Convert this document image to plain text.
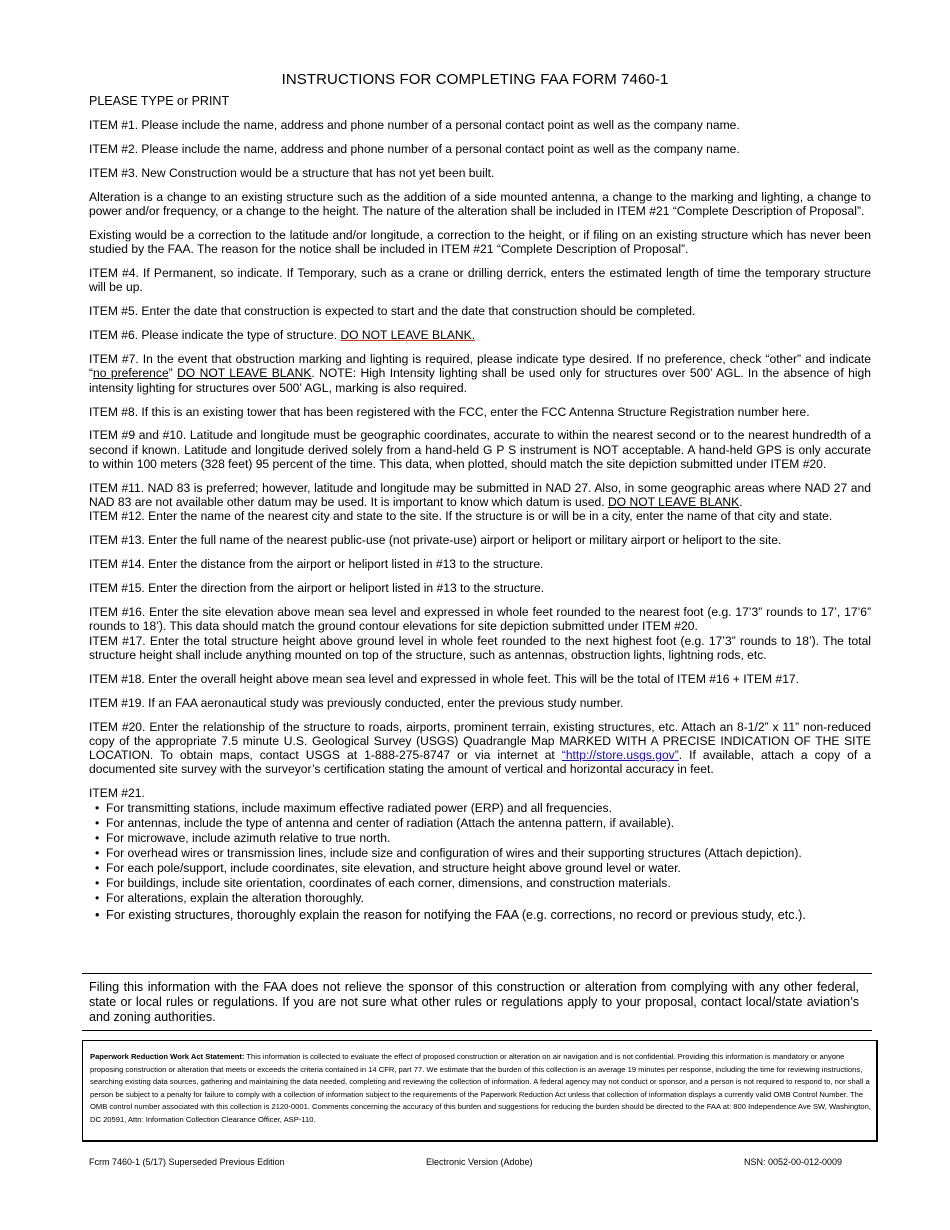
INSTRUCTIONS FOR COMPLETING FAA FORM 7460-1
PLEASE TYPE or PRINT

ITEM #1. Please include the name, address and phone number of a personal contact point as well as the company name.

ITEM #2. Please include the name, address and phone number of a personal contact point as well as the company name.

ITEM #3. New Construction would be a structure that has not yet been built.

Alteration is a change to an existing structure such as the addition of a side mounted antenna, a change to the marking and lighting, a change to power and/or frequency, or a change to the height. The nature of the alteration shall be included in ITEM #21 “Complete Description of Proposal”.

Existing would be a correction to the latitude and/or longitude, a correction to the height, or if filing on an existing structure which has never been studied by the FAA. The reason for the notice shall be included in ITEM #21 “Complete Description of Proposal”.

ITEM #4. If Permanent, so indicate. If Temporary, such as a crane or drilling derrick, enters the estimated length of time the temporary structure will be up.

ITEM #5. Enter the date that construction is expected to start and the date that construction should be completed.

ITEM #6. Please indicate the type of structure. DO NOT LEAVE BLANK.

ITEM #7. In the event that obstruction marking and lighting is required, please indicate type desired. If no preference, check “other” and indicate “no preference” DO NOT LEAVE BLANK. NOTE: High Intensity lighting shall be used only for structures over 500’ AGL. In the absence of high intensity lighting for structures over 500’ AGL, marking is also required.

ITEM #8. If this is an existing tower that has been registered with the FCC, enter the FCC Antenna Structure Registration number here.

ITEM #9 and #10. Latitude and longitude must be geographic coordinates, accurate to within the nearest second or to the nearest hundredth of a second if known. Latitude and longitude derived solely from a hand-held G P S instrument is NOT acceptable. A hand-held GPS is only accurate to within 100 meters (328 feet) 95 percent of the time. This data, when plotted, should match the site depiction submitted under ITEM #20.

ITEM #11. NAD 83 is preferred; however, latitude and longitude may be submitted in NAD 27. Also, in some geographic areas where NAD 27 and NAD 83 are not available other datum may be used. It is important to know which datum is used. DO NOT LEAVE BLANK.

ITEM #12. Enter the name of the nearest city and state to the site. If the structure is or will be in a city, enter the name of that city and state.

ITEM #13. Enter the full name of the nearest public-use (not private-use) airport or heliport or military airport or heliport to the site.

ITEM #14. Enter the distance from the airport or heliport listed in #13 to the structure.

ITEM #15. Enter the direction from the airport or heliport listed in #13 to the structure.

ITEM #16. Enter the site elevation above mean sea level and expressed in whole feet rounded to the nearest foot (e.g. 17’3” rounds to 17’, 17’6” rounds to 18’). This data should match the ground contour elevations for site depiction submitted under ITEM #20.

ITEM #17. Enter the total structure height above ground level in whole feet rounded to the next highest foot (e.g. 17’3” rounds to 18’). The total structure height shall include anything mounted on top of the structure, such as antennas, obstruction lights, lightning rods, etc.

ITEM #18. Enter the overall height above mean sea level and expressed in whole feet. This will be the total of ITEM #16 + ITEM #17.

ITEM #19. If an FAA aeronautical study was previously conducted, enter the previous study number.

ITEM #20. Enter the relationship of the structure to roads, airports, prominent terrain, existing structures, etc. Attach an 8-1/2” x 11” non-reduced copy of the appropriate 7.5 minute U.S. Geological Survey (USGS) Quadrangle Map MARKED WITH A PRECISE INDICATION OF THE SITE LOCATION. To obtain maps, contact USGS at 1-888-275-8747 or via internet at “http://store.usgs.gov”. If available, attach a copy of a documented site survey with the surveyor’s certification stating the amount of vertical and horizontal accuracy in feet.

ITEM #21.

• For transmitting stations, include maximum effective radiated power (ERP) and all frequencies.
• For antennas, include the type of antenna and center of radiation (Attach the antenna pattern, if available).
• For microwave, include azimuth relative to true north.
• For overhead wires or transmission lines, include size and configuration of wires and their supporting structures (Attach depiction).
• For each pole/support, include coordinates, site elevation, and structure height above ground level or water.
• For buildings, include site orientation, coordinates of each corner, dimensions, and construction materials.
• For alterations, explain the alteration thoroughly.
• For existing structures, thoroughly explain the reason for notifying the FAA (e.g. corrections, no record or previous study, etc.).
Filing this information with the FAA does not relieve the sponsor of this construction or alteration from complying with any other federal, state or local rules or regulations. If you are not sure what other rules or regulations apply to your proposal, contact local/state aviation’s and zoning authorities.
Paperwork Reduction Work Act Statement: This information is collected to evaluate the effect of proposed construction or alteration on air navigation and is not confidential. Providing this information is mandatory or anyone proposing construction or alteration that meets or exceeds the criteria contained in 14 CFR, part 77. We estimate that the burden of this collection is an average 19 minutes per response, including the time for reviewing instructions, searching existing data sources, gathering and maintaining the data needed, completing and reviewing the collection of information. A federal agency may not conduct or sponsor, and a person is not required to respond to, nor shall a person be subject to a penalty for failure to comply with a collection of information subject to the requirements of the Paperwork Reduction Act unless that collection of information displays a currently valid OMB Control Number. The OMB control number associated with this collection is 2120-0001. Comments concerning the accuracy of this burden and suggestions for reducing the burden should be directed to the FAA at: 800 Independence Ave SW, Washington, DC 20591, Attn: Information Collection Clearance Officer, ASP-110.
Fcrm 7460-1 (5/17) Superseded Previous Edition	Electronic Version (Adobe)	NSN: 0052-00-012-0009
